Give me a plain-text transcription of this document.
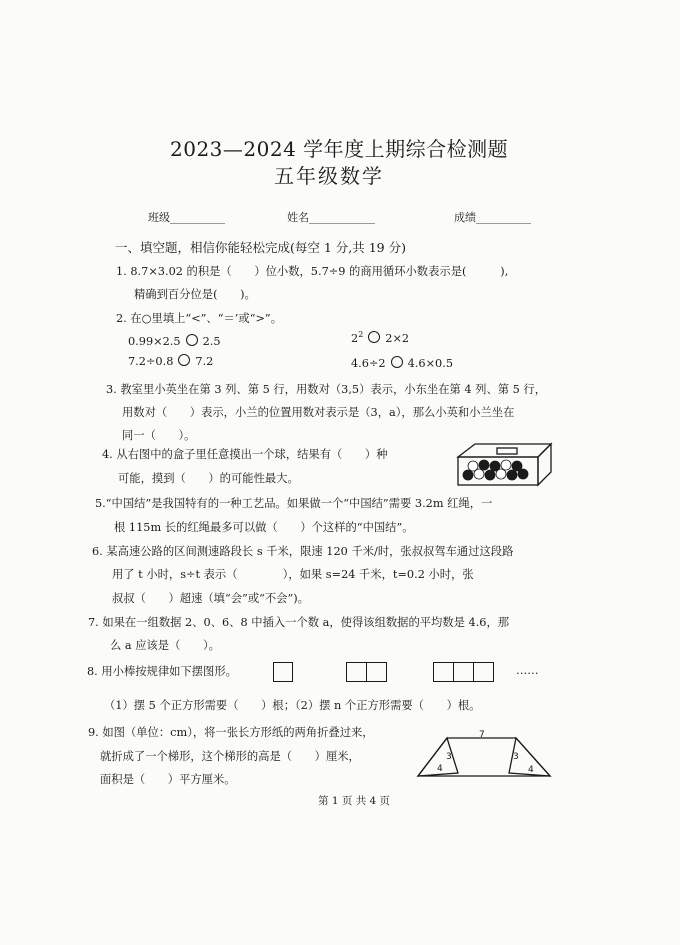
2023—2024 学年度上期综合检测题
五年级数学
班级__________	姓名____________	成绩__________
一、填空题，相信你能轻松完成(每空 1 分,共 19 分)
1. 8.7×3.02 的积是（　　）位小数，5.7÷9 的商用循环小数表示是(　　　),
精确到百分位是(　　)。
2. 在○里填上“<”、“＝’或“>”。
0.99×2.5 2.5	$2^2$ 2×2
7.2÷0.8 7.2	4.6÷2 4.6×0.5
3. 教室里小英坐在第 3 列、第 5 行，用数对（3,5）表示，小东坐在第 4 列、第 5 行，
用数对（　　）表示，小兰的位置用数对表示是（3，a），那么小英和小兰坐在
同一（　　）。
4. 从右图中的盒子里任意摸出一个球，结果有（　　）种
可能，摸到（　　）的可能性最大。
5.“中国结”是我国特有的一种工艺品。如果做一个“中国结”需要 3.2m 红绳，一
根 115m 长的红绳最多可以做（　　）个这样的“中国结”。
6. 某高速公路的区间测速路段长 s 千米，限速 120 千米/时，张叔叔驾车通过这段路
用了 t 小时，s÷t 表示（　　　　），如果 s=24 千米，t=0.2 小时，张
叔叔（　　）超速（填“会”或“不会”)。
7. 如果在一组数据 2、0、6、8 中插入一个数 a，使得该组数据的平均数是 4.6，那
么 a 应该是（　　）。
8. 用小棒按规律如下摆图形。	……
（1）摆 5 个正方形需要（　　）根；（2）摆 n 个正方形需要（　　）根。
9. 如图（单位：cm），将一张长方形纸的两角折叠过来，
就折成了一个梯形，这个梯形的高是（　　）厘米，
面积是（　　）平方厘米。
7
3
4
3
4
第 1 页 共 4 页
